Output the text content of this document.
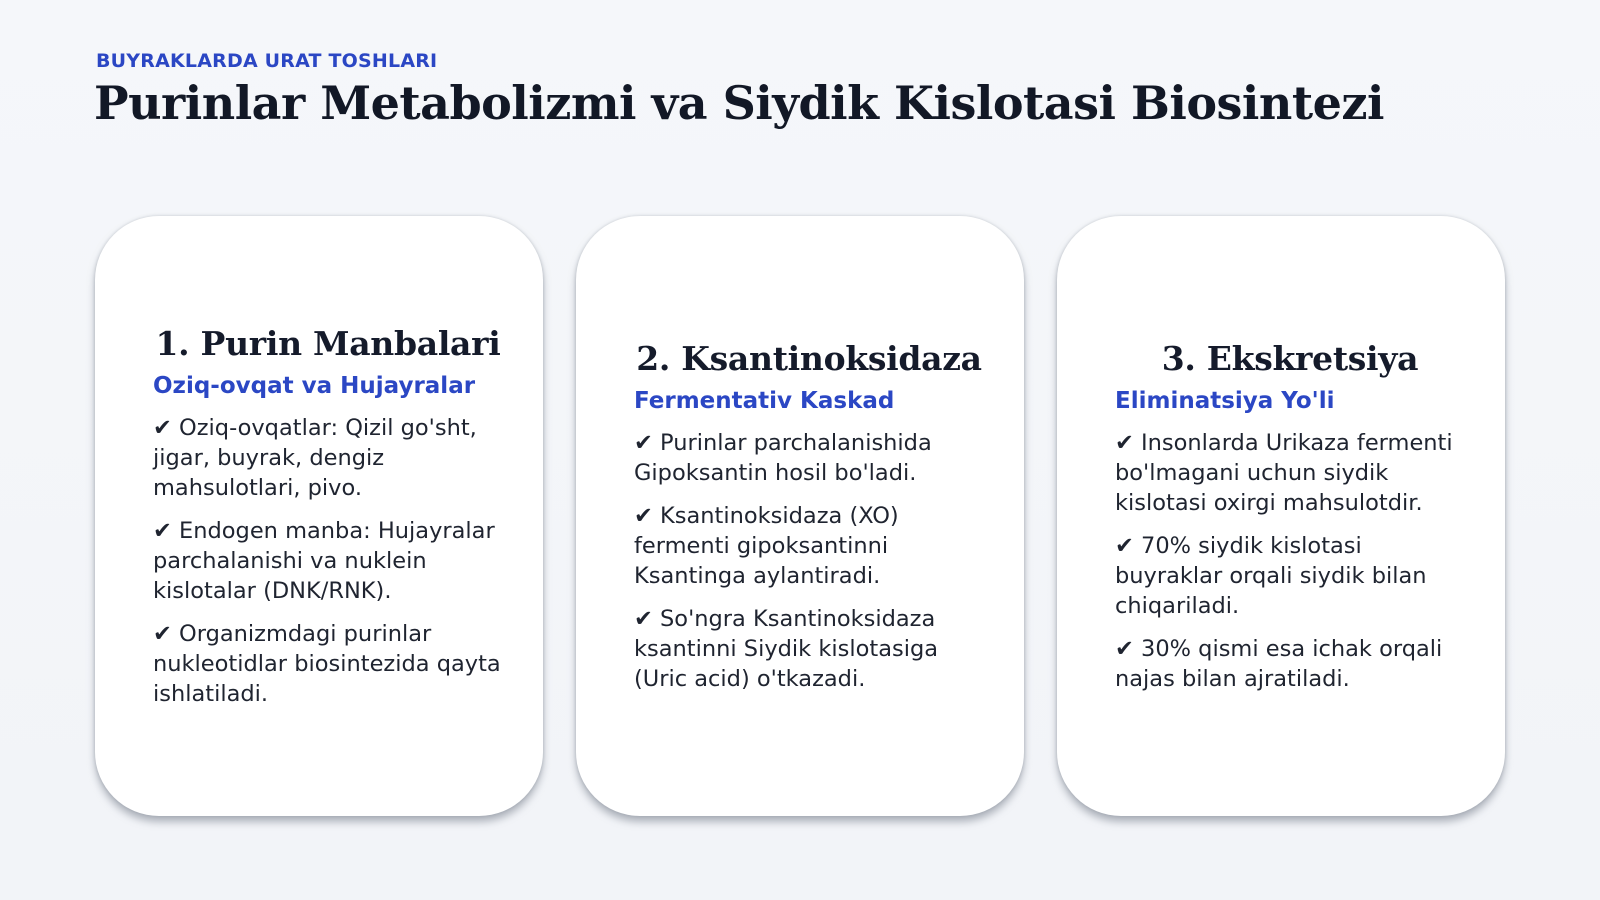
BUYRAKLARDA URAT TOSHLARI
Purinlar Metabolizmi va Siydik Kislotasi Biosintezi
1. Purin Manbalari
Oziq-ovqat va Hujayralar
✔ Oziq-ovqatlar: Qizil go'sht, jigar, buyrak, dengiz mahsulotlari, pivo.
✔ Endogen manba: Hujayralar parchalanishi va nuklein kislotalar (DNK/RNK).
✔ Organizmdagi purinlar nukleotidlar biosintezida qayta ishlatiladi.
2. Ksantinoksidaza
Fermentativ Kaskad
✔ Purinlar parchalanishida Gipoksantin hosil bo'ladi.
✔ Ksantinoksidaza (XO) fermenti gipoksantinni Ksantinga aylantiradi.
✔ So'ngra Ksantinoksidaza ksantinni Siydik kislotasiga (Uric acid) o'tkazadi.
3. Ekskretsiya
Eliminatsiya Yo'li
✔ Insonlarda Urikaza fermenti bo'lmagani uchun siydik kislotasi oxirgi mahsulotdir.
✔ 70% siydik kislotasi buyraklar orqali siydik bilan chiqariladi.
✔ 30% qismi esa ichak orqali najas bilan ajratiladi.
